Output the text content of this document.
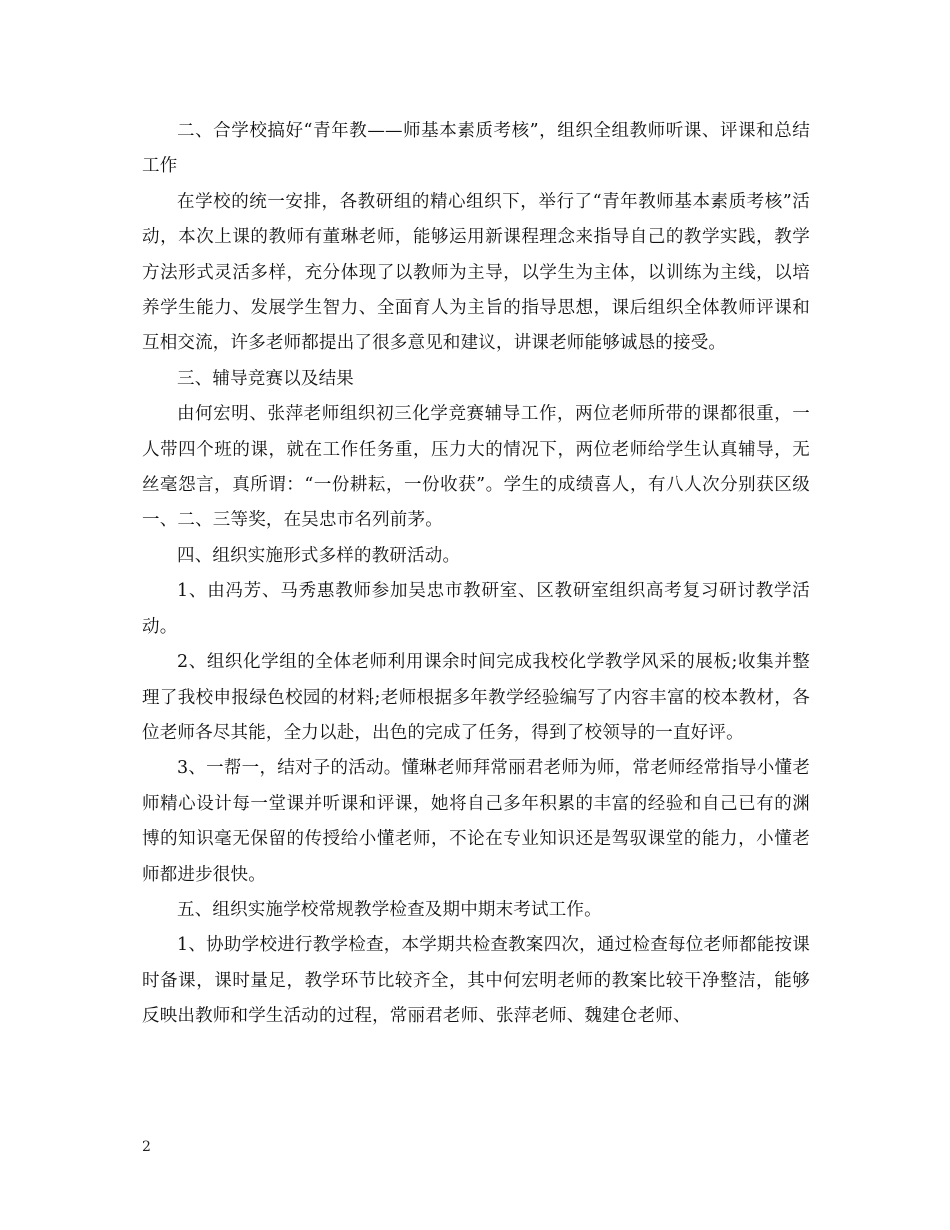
二、合学校搞好“青年教——师基本素质考核”，组织全组教师听课、评课和总结工作

在学校的统一安排，各教研组的精心组织下，举行了“青年教师基本素质考核”活动，本次上课的教师有董琳老师，能够运用新课程理念来指导自己的教学实践，教学方法形式灵活多样，充分体现了以教师为主导，以学生为主体，以训练为主线，以培养学生能力、发展学生智力、全面育人为主旨的指导思想，课后组织全体教师评课和互相交流，许多老师都提出了很多意见和建议，讲课老师能够诚恳的接受。

三、辅导竞赛以及结果

由何宏明、张萍老师组织初三化学竞赛辅导工作，两位老师所带的课都很重，一人带四个班的课，就在工作任务重，压力大的情况下，两位老师给学生认真辅导，无丝毫怨言，真所谓：“一份耕耘，一份收获”。学生的成绩喜人，有八人次分别获区级一、二、三等奖，在吴忠市名列前茅。

四、组织实施形式多样的教研活动。

1、由冯芳、马秀惠教师参加吴忠市教研室、区教研室组织高考复习研讨教学活动。

2、组织化学组的全体老师利用课余时间完成我校化学教学风采的展板;收集并整理了我校申报绿色校园的材料;老师根据多年教学经验编写了内容丰富的校本教材，各位老师各尽其能，全力以赴，出色的完成了任务，得到了校领导的一直好评。

3、一帮一，结对子的活动。懂琳老师拜常丽君老师为师，常老师经常指导小懂老师精心设计每一堂课并听课和评课，她将自己多年积累的丰富的经验和自己已有的渊博的知识毫无保留的传授给小懂老师，不论在专业知识还是驾驭课堂的能力，小懂老师都进步很快。

五、组织实施学校常规教学检查及期中期末考试工作。

1、协助学校进行教学检查，本学期共检查教案四次，通过检查每位老师都能按课时备课，课时量足，教学环节比较齐全，其中何宏明老师的教案比较干净整洁，能够反映出教师和学生活动的过程，常丽君老师、张萍老师、魏建仓老师、

2
